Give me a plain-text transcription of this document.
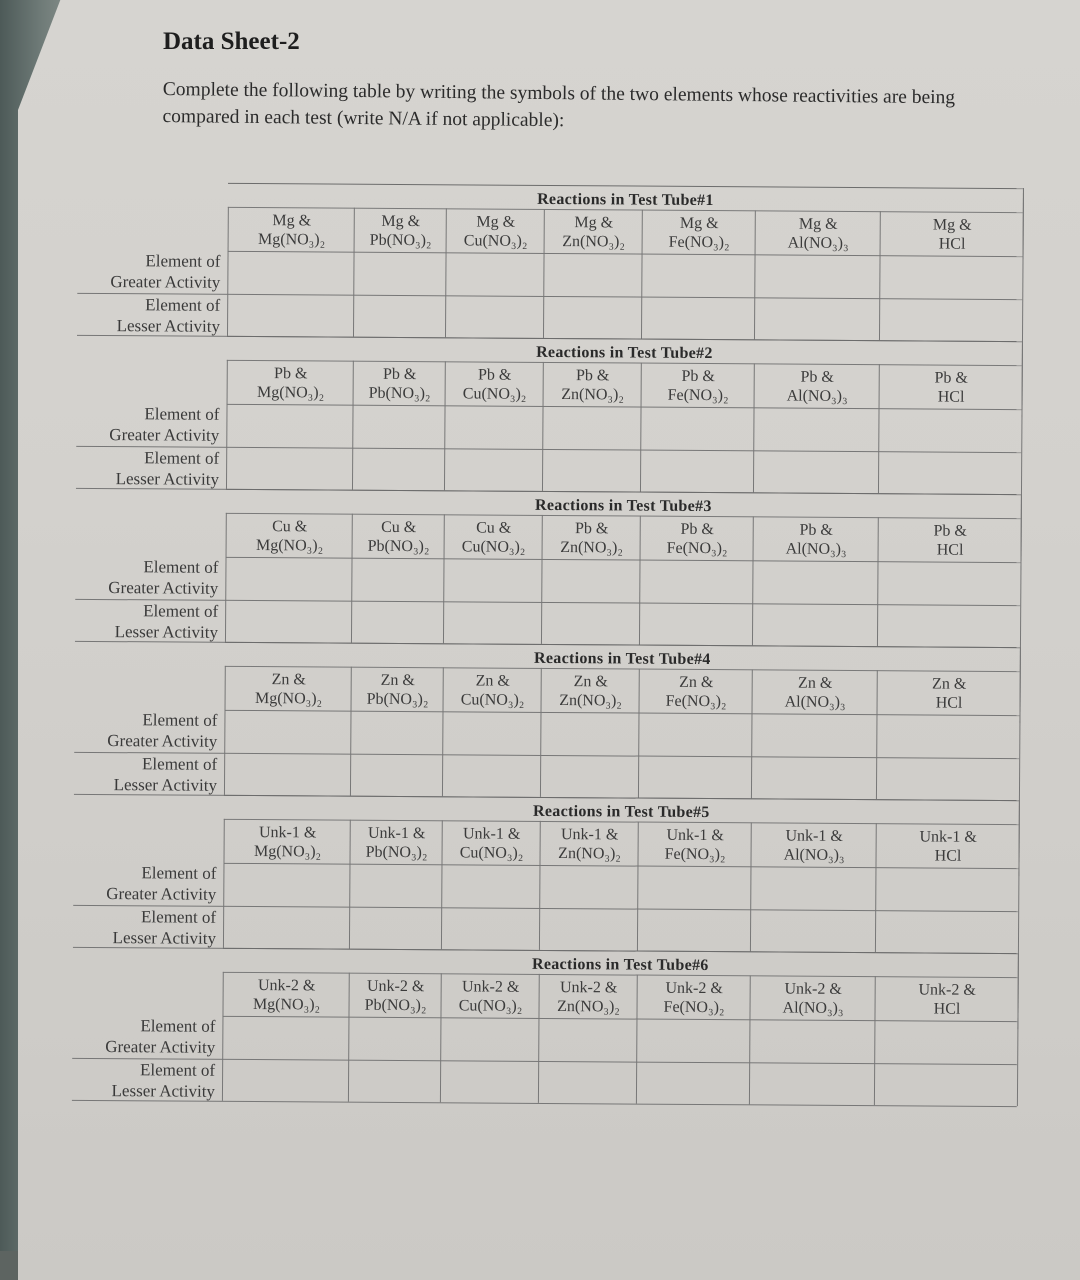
Data Sheet-2
Complete the following table by writing the symbols of the two elements whose reactivities are being compared in each test (write N/A if not applicable):
Reactions in Test Tube#1
Mg &
Mg(NO₃)₂
Mg &
Pb(NO₃)₂
Mg &
Cu(NO₃)₂
Mg &
Zn(NO₃)₂
Mg &
Fe(NO₃)₂
Mg &
Al(NO₃)₃
Mg &
HCl
Element of
Greater Activity
Element of
Lesser Activity
Reactions in Test Tube#2
Pb &
Mg(NO₃)₂
Pb &
Pb(NO₃)₂
Pb &
Cu(NO₃)₂
Pb &
Zn(NO₃)₂
Pb &
Fe(NO₃)₂
Pb &
Al(NO₃)₃
Pb &
HCl
Element of
Greater Activity
Element of
Lesser Activity
Reactions in Test Tube#3
Cu &
Mg(NO₃)₂
Cu &
Pb(NO₃)₂
Cu &
Cu(NO₃)₂
Pb &
Zn(NO₃)₂
Pb &
Fe(NO₃)₂
Pb &
Al(NO₃)₃
Pb &
HCl
Element of
Greater Activity
Element of
Lesser Activity
Reactions in Test Tube#4
Zn &
Mg(NO₃)₂
Zn &
Pb(NO₃)₂
Zn &
Cu(NO₃)₂
Zn &
Zn(NO₃)₂
Zn &
Fe(NO₃)₂
Zn &
Al(NO₃)₃
Zn &
HCl
Element of
Greater Activity
Element of
Lesser Activity
Reactions in Test Tube#5
Unk-1 &
Mg(NO₃)₂
Unk-1 &
Pb(NO₃)₂
Unk-1 &
Cu(NO₃)₂
Unk-1 &
Zn(NO₃)₂
Unk-1 &
Fe(NO₃)₂
Unk-1 &
Al(NO₃)₃
Unk-1 &
HCl
Element of
Greater Activity
Element of
Lesser Activity
Reactions in Test Tube#6
Unk-2 &
Mg(NO₃)₂
Unk-2 &
Pb(NO₃)₂
Unk-2 &
Cu(NO₃)₂
Unk-2 &
Zn(NO₃)₂
Unk-2 &
Fe(NO₃)₂
Unk-2 &
Al(NO₃)₃
Unk-2 &
HCl
Element of
Greater Activity
Element of
Lesser Activity
